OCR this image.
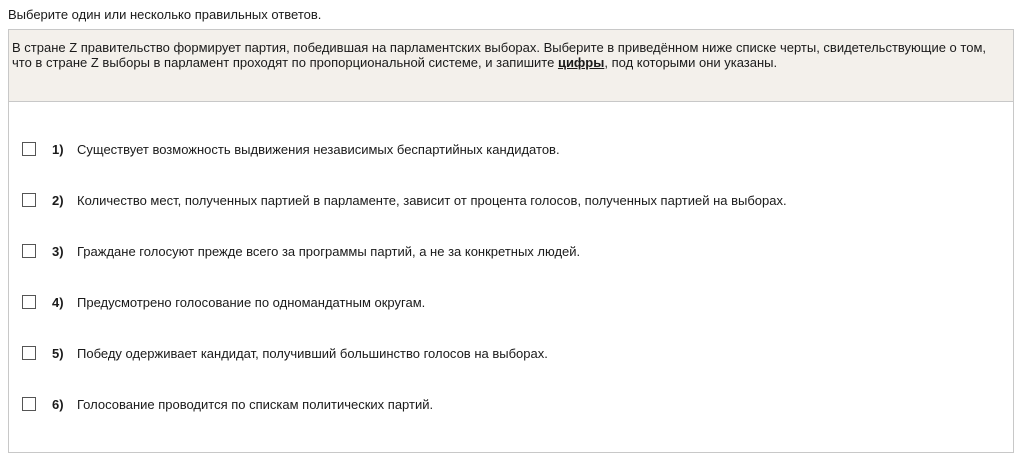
Выберите один или несколько правильных ответов.
В стране Z правительство формирует партия, победившая на парламентских выборах. Выберите в приведённом ниже списке черты, свидетельствующие о том, что в стране Z выборы в парламент проходят по пропорциональной системе, и запишите цифры, под которыми они указаны.
1)	Существует возможность выдвижения независимых беспартийных кандидатов.
2)	Количество мест, полученных партией в парламенте, зависит от процента голосов, полученных партией на выборах.
3)	Граждане голосуют прежде всего за программы партий, а не за конкретных людей.
4)	Предусмотрено голосование по одномандатным округам.
5)	Победу одерживает кандидат, получивший большинство голосов на выборах.
6)	Голосование проводится по спискам политических партий.
